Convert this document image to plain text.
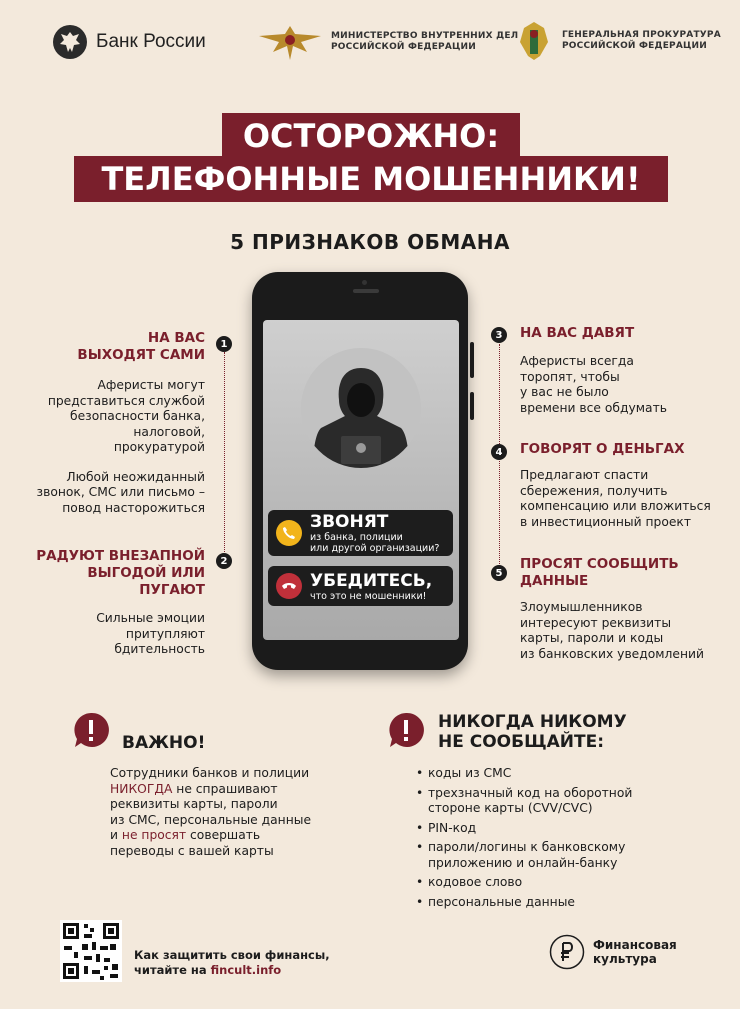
Банк России	МИНИСТЕРСТВО ВНУТРЕННИХ ДЕЛ
РОССИЙСКОЙ ФЕДЕРАЦИИ
ГЕНЕРАЛЬНАЯ ПРОКУРАТУРА
РОССИЙСКОЙ ФЕДЕРАЦИИ
ОСТОРОЖНО:
ТЕЛЕФОННЫЕ МОШЕННИКИ!
5 ПРИЗНАКОВ ОБМАНА
ЗВОНЯТ
из банка, полиции
или другой организации?
УБЕДИТЕСЬ,
что это не мошенники!
1
НА ВАС
ВЫХОДЯТ САМИ
Аферисты могут
представиться службой
безопасности банка,
налоговой,
прокуратурой
Любой неожиданный
звонок, СМС или письмо –
повод насторожиться
2
РАДУЮТ ВНЕЗАПНОЙ
ВЫГОДОЙ ИЛИ ПУГАЮТ
Сильные эмоции
притупляют
бдительность
3	НА ВАС ДАВЯТ
Аферисты всегда
торопят, чтобы
у вас не было
времени все обдумать
4	ГОВОРЯТ О ДЕНЬГАХ
Предлагают спасти
сбережения, получить
компенсацию или вложиться
в инвестиционный проект
5
ПРОСЯТ СООБЩИТЬ
ДАННЫЕ
Злоумышленников
интересуют реквизиты
карты, пароли и коды
из банковских уведомлений
ВАЖНО!
Сотрудники банков и полиции
НИКОГДА не спрашивают
реквизиты карты, пароли
из СМС, персональные данные
и не просят совершать
переводы с вашей карты
НИКОГДА НИКОМУ
НЕ СООБЩАЙТЕ:
• коды из СМС
• трехзначный код на оборотной
стороне карты (CVV/CVC)
• PIN-код
• пароли/логины к банковскому
приложению и онлайн-банку
• кодовое слово
• персональные данные
Как защитить свои финансы,
читайте на fincult.info
Финансовая
культура
